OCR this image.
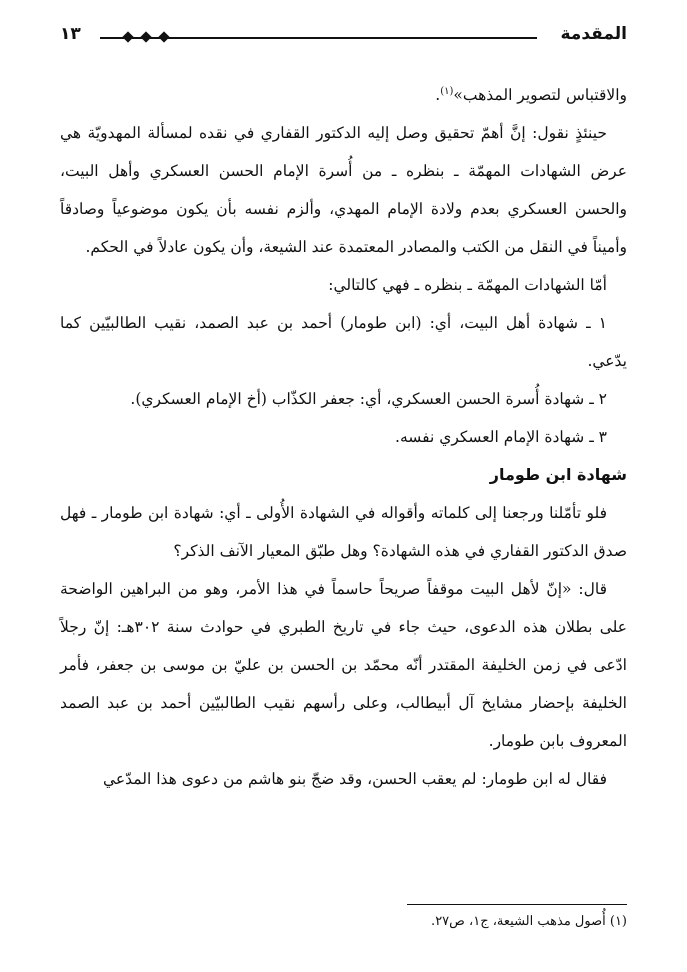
المقدمة
١٣

والاقتباس لتصوير المذهب»$^{(١)}$.

حينئذٍ نقول: إنَّ أهمّ تحقيق وصل إليه الدكتور القفاري في نقده لمسألة المهدويّة هي عرض الشهادات المهمّة ـ بنظره ـ من أُسرة الإمام الحسن العسكري وأهل البيت، والحسن العسكري بعدم ولادة الإمام المهدي، وألزم نفسه بأن يكون موضوعياً وصادقاً وأميناً في النقل من الكتب والمصادر المعتمدة عند الشيعة، وأن يكون عادلاً في الحكم.

أمّا الشهادات المهمّة ـ بنظره ـ فهي كالتالي:

١ ـ شهادة أهل البيت، أي: (ابن طومار) أحمد بن عبد الصمد، نقيب الطالبيّين كما يدّعي.

٢ ـ شهادة أُسرة الحسن العسكري، أي: جعفر الكذّاب (أخ الإمام العسكري).

٣ ـ شهادة الإمام العسكري نفسه.

شهادة ابن طومار

فلو تأمّلنا ورجعنا إلى كلماته وأقواله في الشهادة الأُولى ـ أي: شهادة ابن طومار ـ فهل صدق الدكتور القفاري في هذه الشهادة؟ وهل طبّق المعيار الآنف الذكر؟

قال: «إنّ لأهل البيت موقفاً صريحاً حاسماً في هذا الأمر، وهو من البراهين الواضحة على بطلان هذه الدعوى، حيث جاء في تاريخ الطبري في حوادث سنة ٣٠٢هـ: إنّ رجلاً ادّعى في زمن الخليفة المقتدر أنّه محمّد بن الحسن بن عليّ بن موسى بن جعفر، فأمر الخليفة بإحضار مشايخ آل أبيطالب، وعلى رأسهم نقيب الطالبيّين أحمد بن عبد الصمد المعروف بابن طومار.

فقال له ابن طومار: لم يعقب الحسن، وقد ضجّ بنو هاشم من دعوى هذا المدّعي

(١) أُصول مذهب الشيعة، ج١، ص٢٧.
